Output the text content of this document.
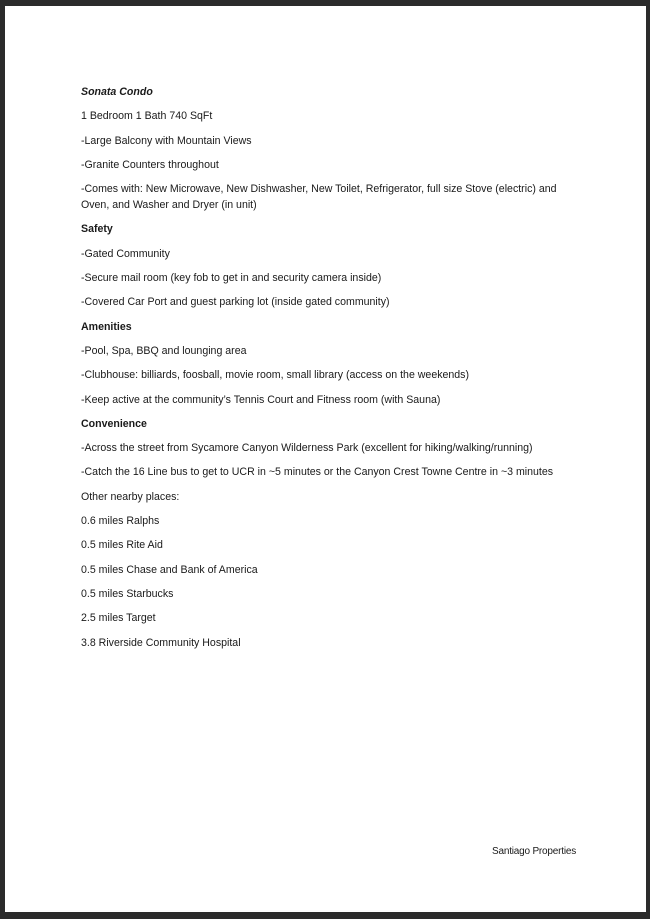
Sonata Condo

1 Bedroom 1 Bath 740 SqFt

-Large Balcony with Mountain Views

-Granite Counters throughout

-Comes with: New Microwave, New Dishwasher, New Toilet, Refrigerator, full size Stove (electric) and Oven, and Washer and Dryer (in unit)

Safety

-Gated Community

-Secure mail room (key fob to get in and security camera inside)

-Covered Car Port and guest parking lot (inside gated community)

Amenities

-Pool, Spa, BBQ and lounging area

-Clubhouse: billiards, foosball, movie room, small library (access on the weekends)

-Keep active at the community’s Tennis Court and Fitness room (with Sauna)

Convenience

-Across the street from Sycamore Canyon Wilderness Park (excellent for hiking/walking/running)

-Catch the 16 Line bus to get to UCR in ~5 minutes or the Canyon Crest Towne Centre in ~3 minutes

Other nearby places:

0.6 miles Ralphs

0.5 miles Rite Aid

0.5 miles Chase and Bank of America

0.5 miles Starbucks

2.5 miles Target

3.8 Riverside Community Hospital

Santiago Properties
